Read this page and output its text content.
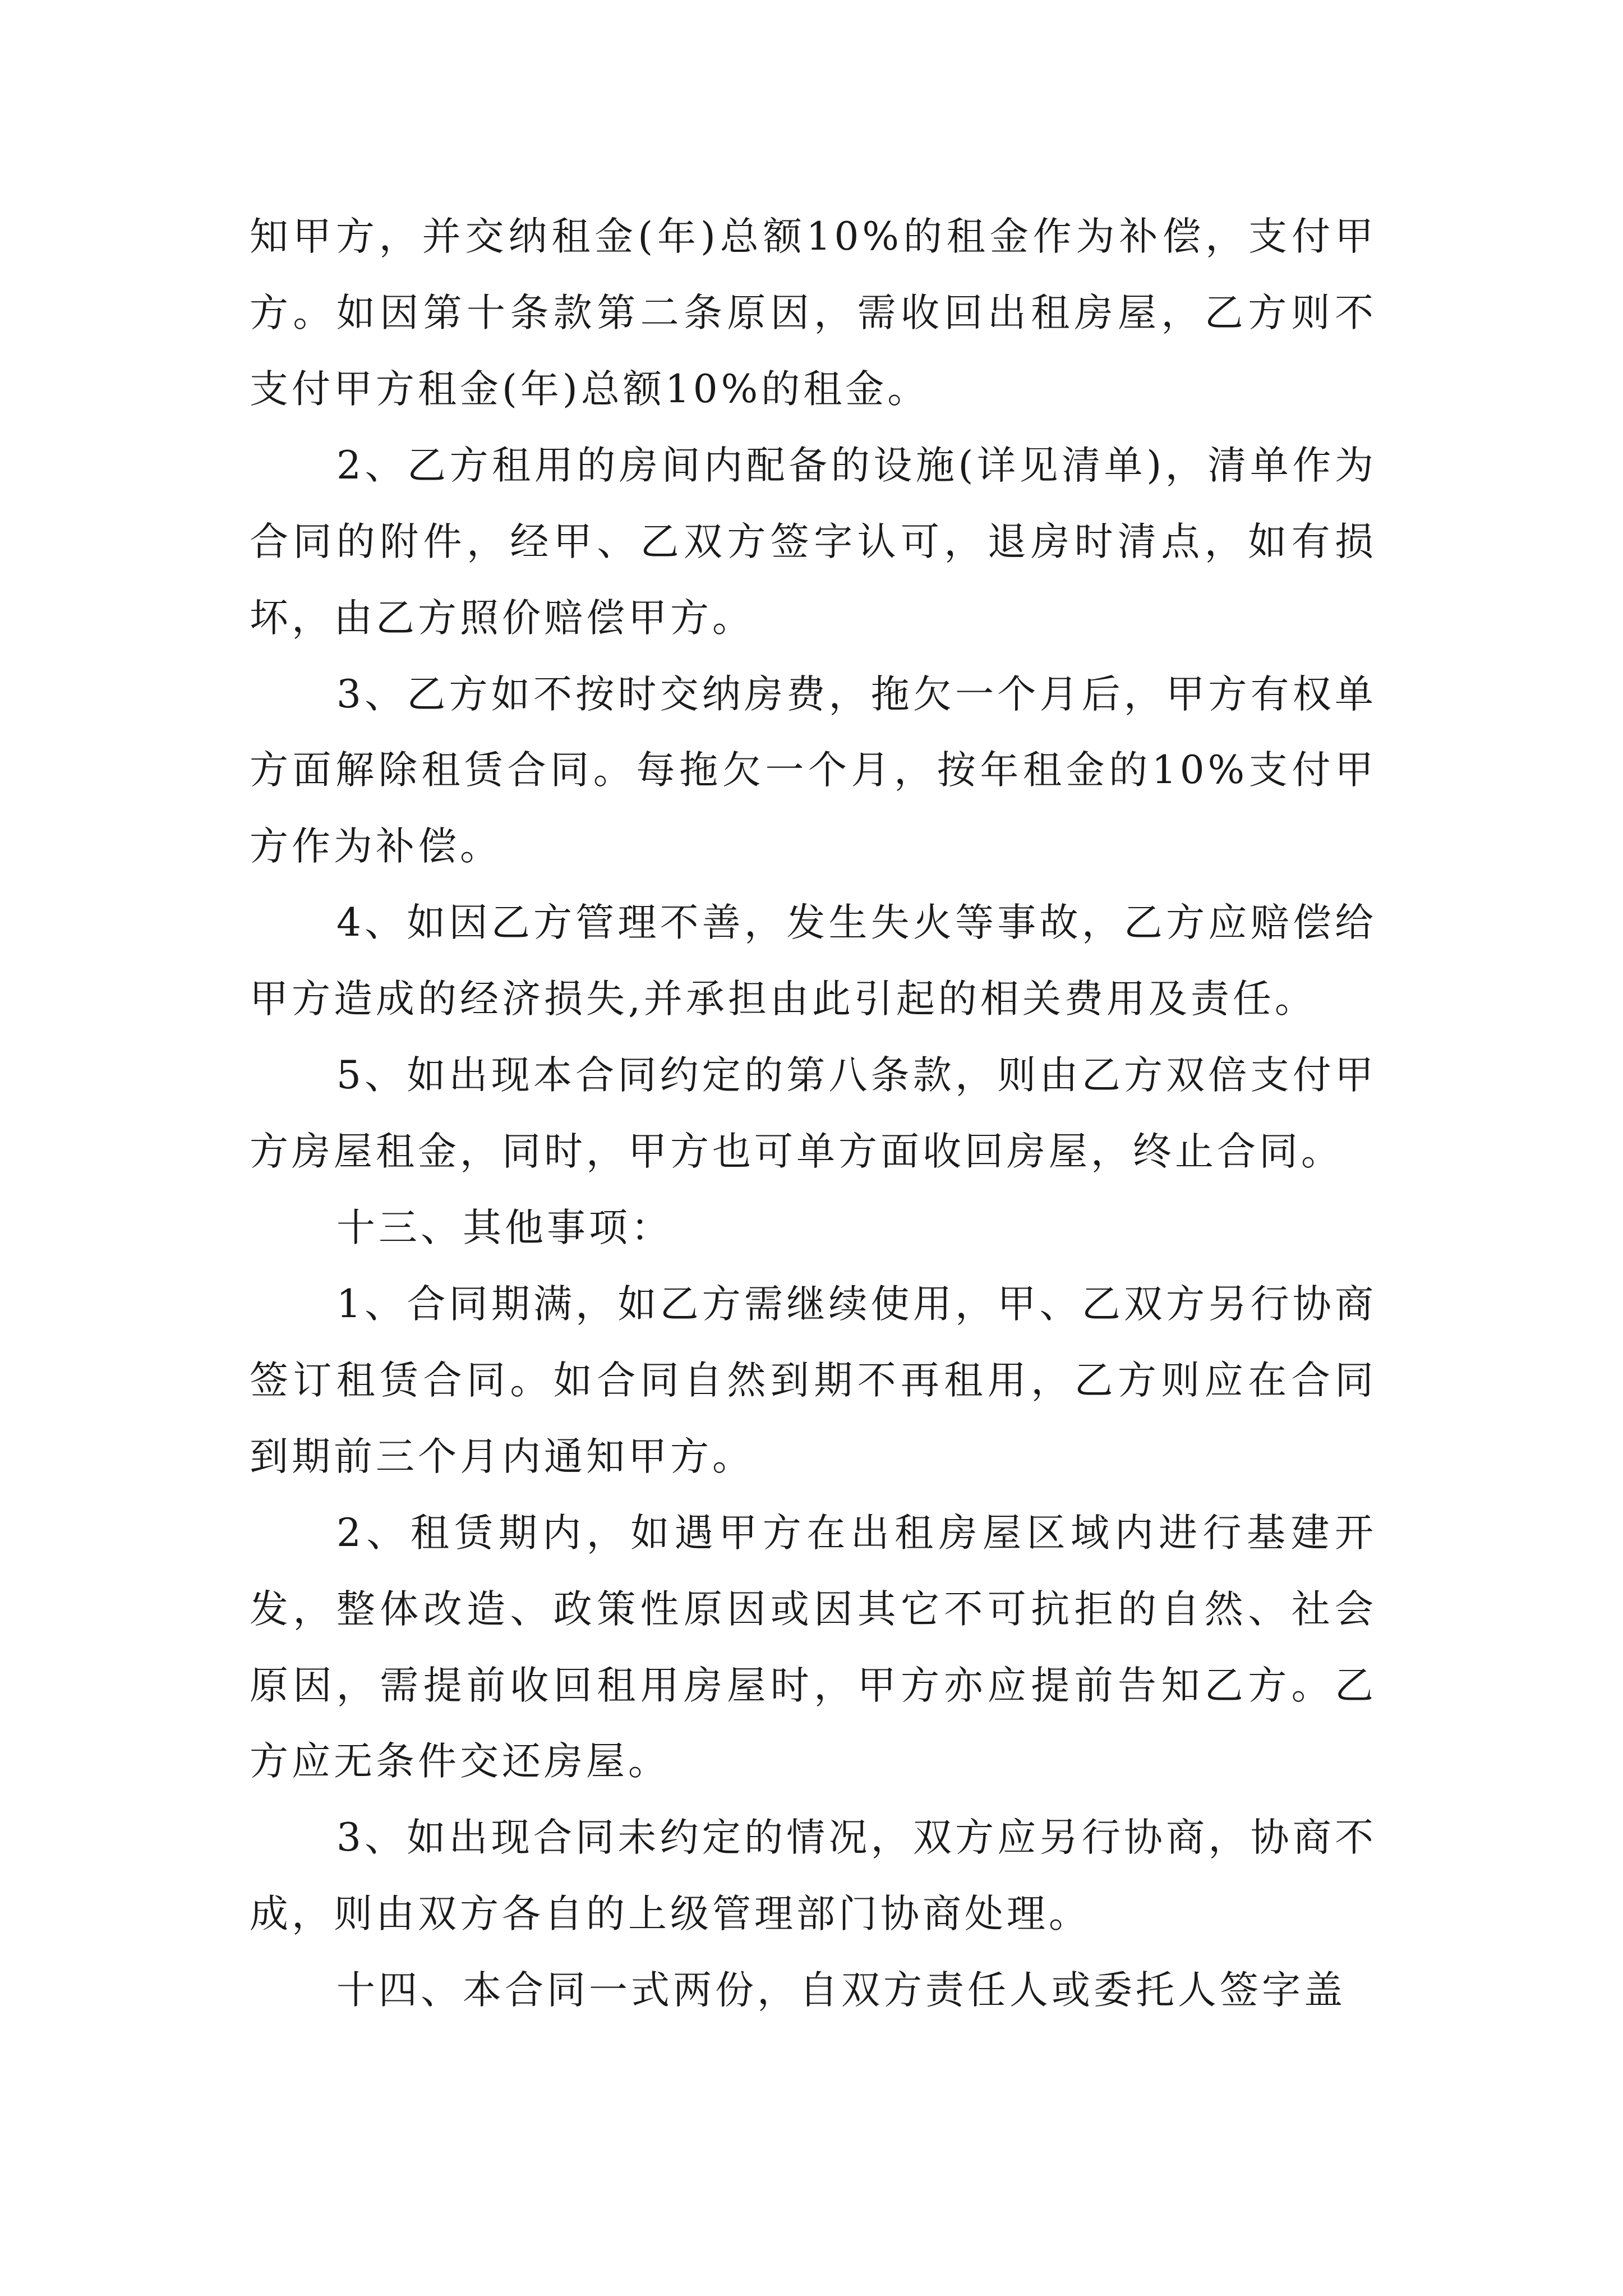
知甲方，并交纳租金(年)总额10%的租金作为补偿，支付甲方。如因第十条款第二条原因，需收回出租房屋，乙方则不支付甲方租金(年)总额10%的租金。

2、乙方租用的房间内配备的设施(详见清单)，清单作为合同的附件，经甲、乙双方签字认可，退房时清点，如有损坏，由乙方照价赔偿甲方。

3、乙方如不按时交纳房费，拖欠一个月后，甲方有权单方面解除租赁合同。每拖欠一个月，按年租金的10%支付甲方作为补偿。

4、如因乙方管理不善，发生失火等事故，乙方应赔偿给甲方造成的经济损失,并承担由此引起的相关费用及责任。

5、如出现本合同约定的第八条款，则由乙方双倍支付甲方房屋租金，同时，甲方也可单方面收回房屋，终止合同。

十三、其他事项：

1、合同期满，如乙方需继续使用，甲、乙双方另行协商签订租赁合同。如合同自然到期不再租用，乙方则应在合同到期前三个月内通知甲方。

2、租赁期内，如遇甲方在出租房屋区域内进行基建开发，整体改造、政策性原因或因其它不可抗拒的自然、社会原因，需提前收回租用房屋时，甲方亦应提前告知乙方。乙方应无条件交还房屋。

3、如出现合同未约定的情况，双方应另行协商，协商不成，则由双方各自的上级管理部门协商处理。

十四、本合同一式两份，自双方责任人或委托人签字盖
